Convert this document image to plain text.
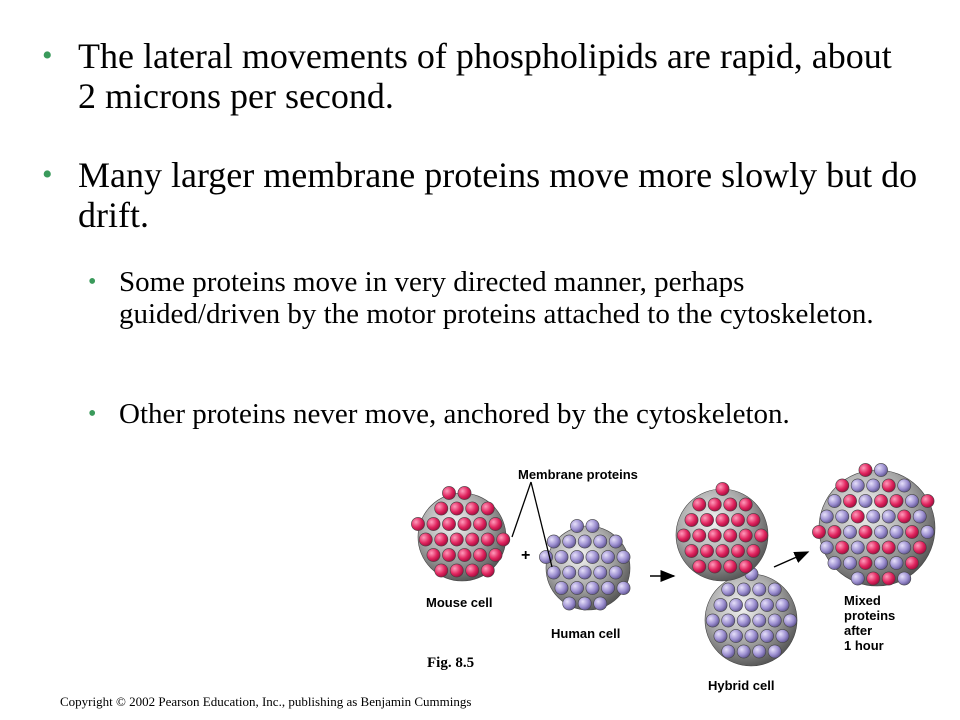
• The lateral movements of phospholipids are rapid, about 2 microns per second.
• Many larger membrane proteins move more slowly but do drift.
• Some proteins move in very directed manner, perhaps guided/driven by the motor proteins attached to the cytoskeleton.
• Other proteins never move, anchored by the cytoskeleton.
Membrane proteins
+
Mouse cell
Human cell
Hybrid cell
Mixed
proteins
after
1 hour
Fig. 8.5
Copyright © 2002 Pearson Education, Inc., publishing as Benjamin Cummings
